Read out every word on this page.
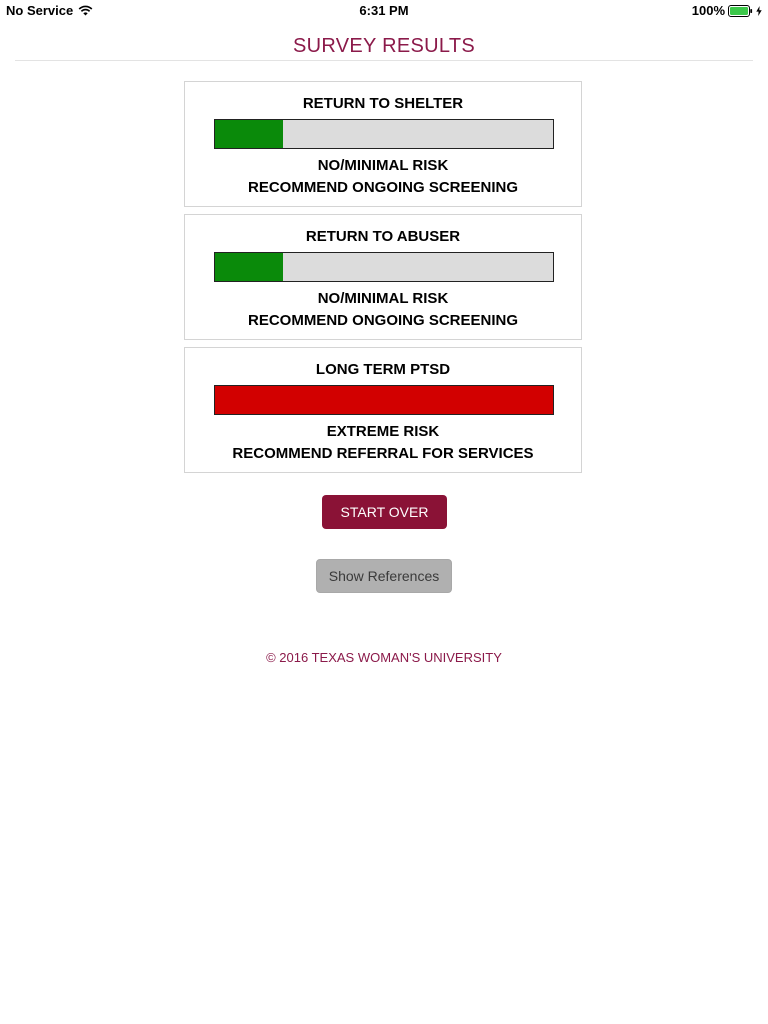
No Service	6:31 PM	100%
SURVEY RESULTS
RETURN TO SHELTER
NO/MINIMAL RISK
RECOMMEND ONGOING SCREENING
RETURN TO ABUSER
NO/MINIMAL RISK
RECOMMEND ONGOING SCREENING
LONG TERM PTSD
EXTREME RISK
RECOMMEND REFERRAL FOR SERVICES
START OVER
Show References
© 2016 TEXAS WOMAN'S UNIVERSITY
